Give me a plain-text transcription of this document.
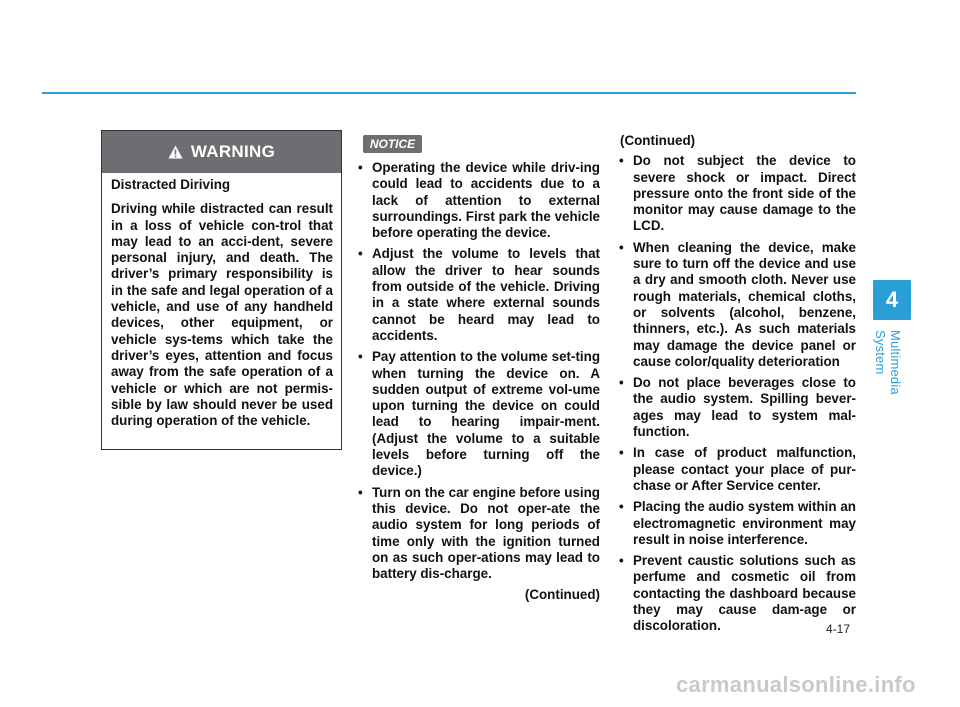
4
Multimedia System
WARNING

Distracted Diriving

Driving while distracted can result in a loss of vehicle con-trol that may lead to an acci-dent, severe personal injury, and death. The driver’s primary responsibility is in the safe and legal operation of a vehicle, and use of any handheld devices, other equipment, or vehicle sys-tems which take the driver’s eyes, attention and focus away from the safe operation of a vehicle or which are not permis-sible by law should never be used during operation of the vehicle.

NOTICE
• Operating the device while driv-ing could lead to accidents due to a lack of attention to external surroundings. First park the vehicle before operating the device.
• Adjust the volume to levels that allow the driver to hear sounds from outside of the vehicle. Driving in a state where external sounds cannot be heard may lead to accidents.
• Pay attention to the volume set-ting when turning the device on. A sudden output of extreme vol-ume upon turning the device on could lead to hearing impair-ment. (Adjust the volume to a suitable levels before turning off the device.)
• Turn on the car engine before using this device. Do not oper-ate the audio system for long periods of time only with the ignition turned on as such oper-ations may lead to battery dis-charge.
(Continued)
(Continued)
• Do not subject the device to severe shock or impact. Direct pressure onto the front side of the monitor may cause damage to the LCD.
• When cleaning the device, make sure to turn off the device and use a dry and smooth cloth. Never use rough materials, chemical cloths, or solvents (alcohol, benzene, thinners, etc.). As such materials may damage the device panel or cause color/quality deterioration
• Do not place beverages close to the audio system. Spilling bever-ages may lead to system mal-function.
• In case of product malfunction, please contact your place of pur-chase or After Service center.
• Placing the audio system within an electromagnetic environment may result in noise interference.
• Prevent caustic solutions such as perfume and cosmetic oil from contacting the dashboard because they may cause dam-age or discoloration.	4-17
carmanualsonline.info
